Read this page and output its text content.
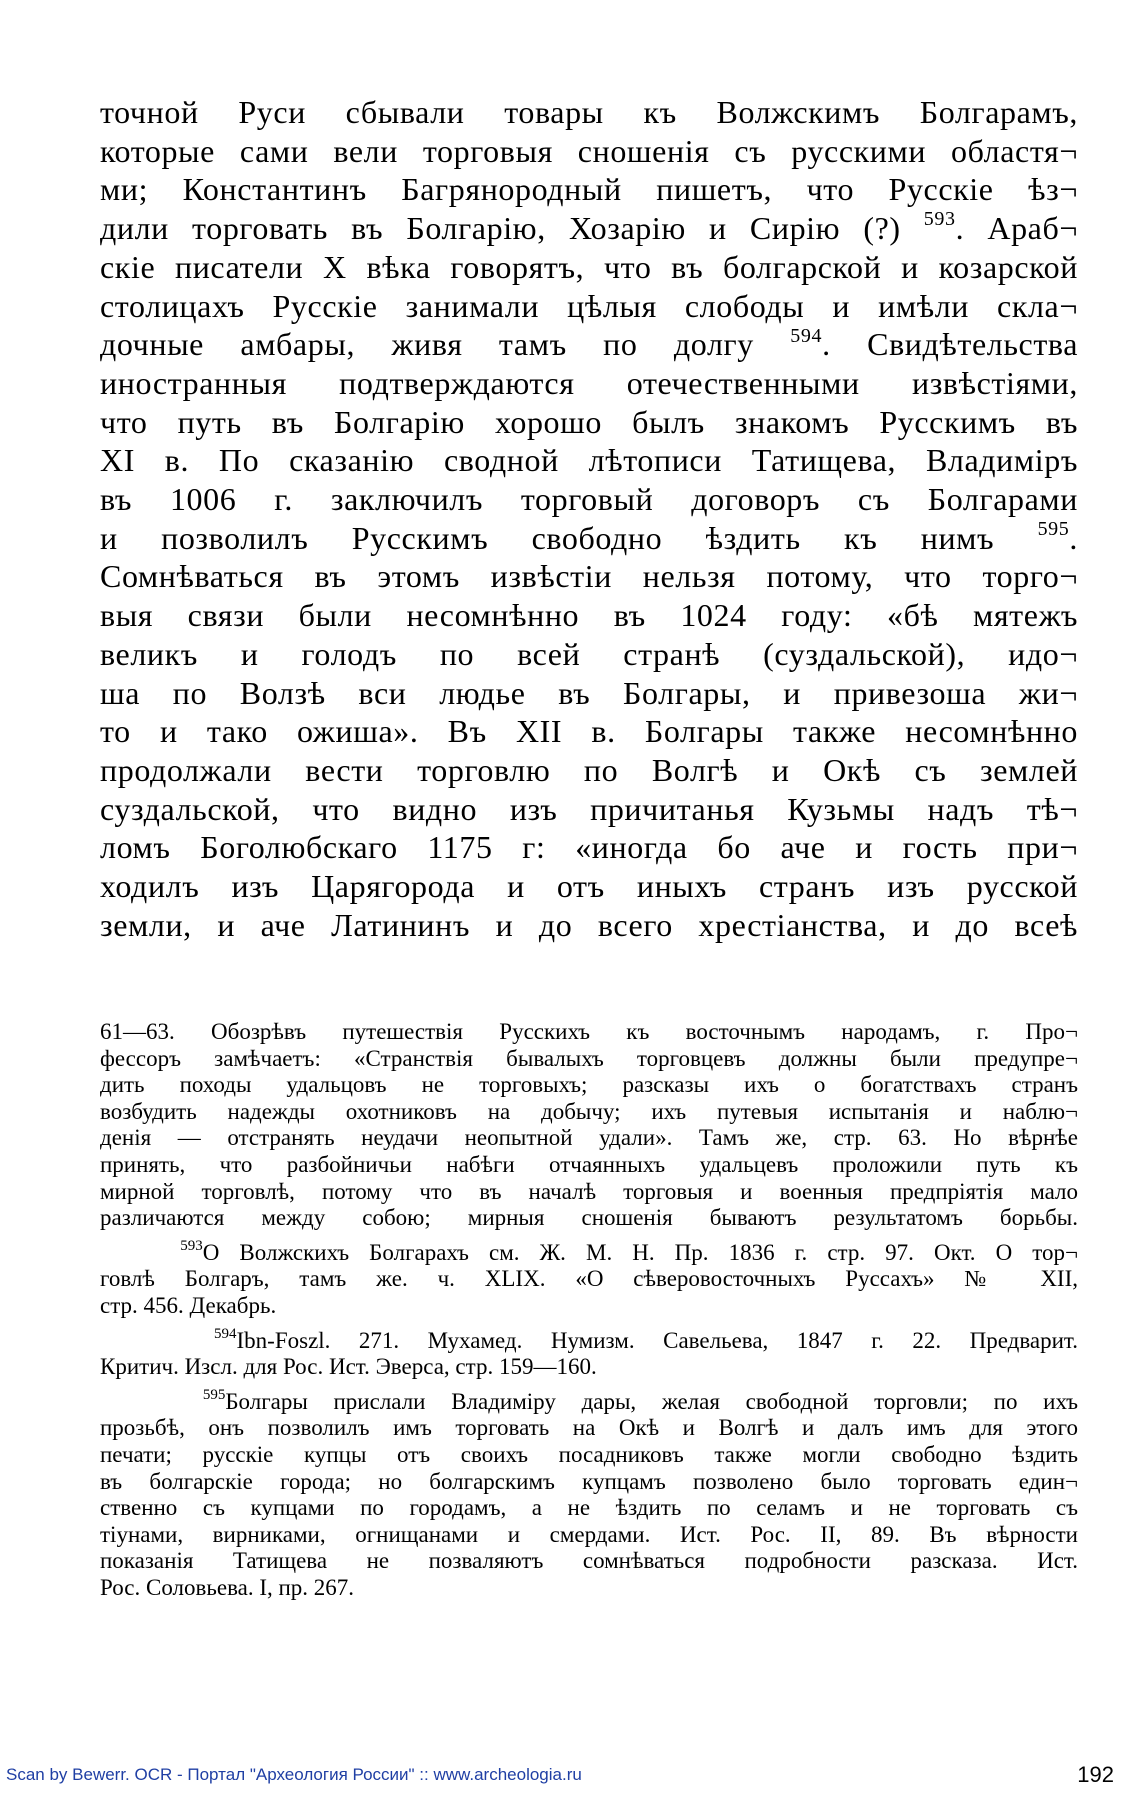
точной Руси сбывали товары къ Волжскимъ Болгарамъ,
которые сами вели торговыя сношенія съ русскими областя¬
ми; Константинъ Багрянородный пишетъ, что Русскіе ѣз¬
дили торговать въ Болгарію, Хозарію и Сирію (?) $^{593}$. Араб¬
скіе писатели X вѣка говорятъ, что въ болгарской и козарской
столицахъ Русскіе занимали цѣлыя слободы и имѣли скла¬
дочные амбары, живя тамъ по долгу $^{594}$. Свидѣтельства
иностранныя подтверждаются отечественными извѣстіями,
что путь въ Болгарію хорошо былъ знакомъ Русскимъ въ
XI в. По сказанію сводной лѣтописи Татищева, Владиміръ
въ 1006 г. заключилъ торговый договоръ съ Болгарами
и позволилъ Русскимъ свободно ѣздить къ нимъ $^{595}$.
Сомнѣваться въ этомъ извѣстіи нельзя потому, что торго¬
выя связи были несомнѣнно въ 1024 году: «бѣ мятежъ
великъ и голодъ по всей странѣ (суздальской), идо¬
ша по Волзѣ вси людье въ Болгары, и привезоша жи¬
то и тако ожиша». Въ XII в. Болгары также несомнѣнно
продолжали вести торговлю по Волгѣ и Окѣ съ землей
суздальской, что видно изъ причитанья Кузьмы надъ тѣ¬
ломъ Боголюбскаго 1175 г: «иногда бо аче и гость при¬
ходилъ изъ Царягорода и отъ иныхъ странъ изъ русской
земли, и аче Латининъ и до всего хрестіанства, и до всеѣ
61—63. Обозрѣвъ путешествія Русскихъ къ восточнымъ народамъ, г. Про¬
фессоръ замѣчаетъ: «Странствія бывалыхъ торговцевъ должны были предупре¬
дить походы удальцовъ не торговыхъ; разсказы ихъ о богатствахъ странъ
возбудить надежды охотниковъ на добычу; ихъ путевыя испытанія и наблю¬
денія — отстранять неудачи неопытной удали». Тамъ же, стр. 63. Но вѣрнѣе
принять, что разбойничьи набѣги отчаянныхъ удальцевъ проложили путь къ
мирной торговлѣ, потому что въ началѣ торговыя и военныя предпріятія мало
различаются между собою; мирныя сношенія бываютъ результатомъ борьбы.
$^{593}$О Волжскихъ Болгарахъ см. Ж. М. Н. Пр. 1836 г. стр. 97. Окт. О тор¬
говлѣ Болгаръ, тамъ же. ч. XLIX. «О сѣверовосточныхъ Руссахъ» № XII,
стр. 456. Декабрь.
$^{594}$Ibn-Foszl. 271. Мухамед. Нумизм. Савельева, 1847 г. 22. Предварит.
Критич. Изсл. для Рос. Ист. Эверса, стр. 159—160.
$^{595}$Болгары прислали Владиміру дары, желая свободной торговли; по ихъ
прозьбѣ, онъ позволилъ имъ торговать на Окѣ и Волгѣ и далъ имъ для этого
печати; русскіе купцы отъ своихъ посадниковъ также могли свободно ѣздить
въ болгарскіе города; но болгарскимъ купцамъ позволено было торговать един¬
ственно съ купцами по городамъ, а не ѣздить по селамъ и не торговать съ
тіунами, вирниками, огнищанами и смердами. Ист. Рос. II, 89. Въ вѣрности
показанія Татищева не позваляютъ сомнѣваться подробности разсказа. Ист.
Рос. Соловьева. I, пр. 267.
Scan by Bewerr. OCR - Портал "Археология России" :: www.archeologia.ru	192
